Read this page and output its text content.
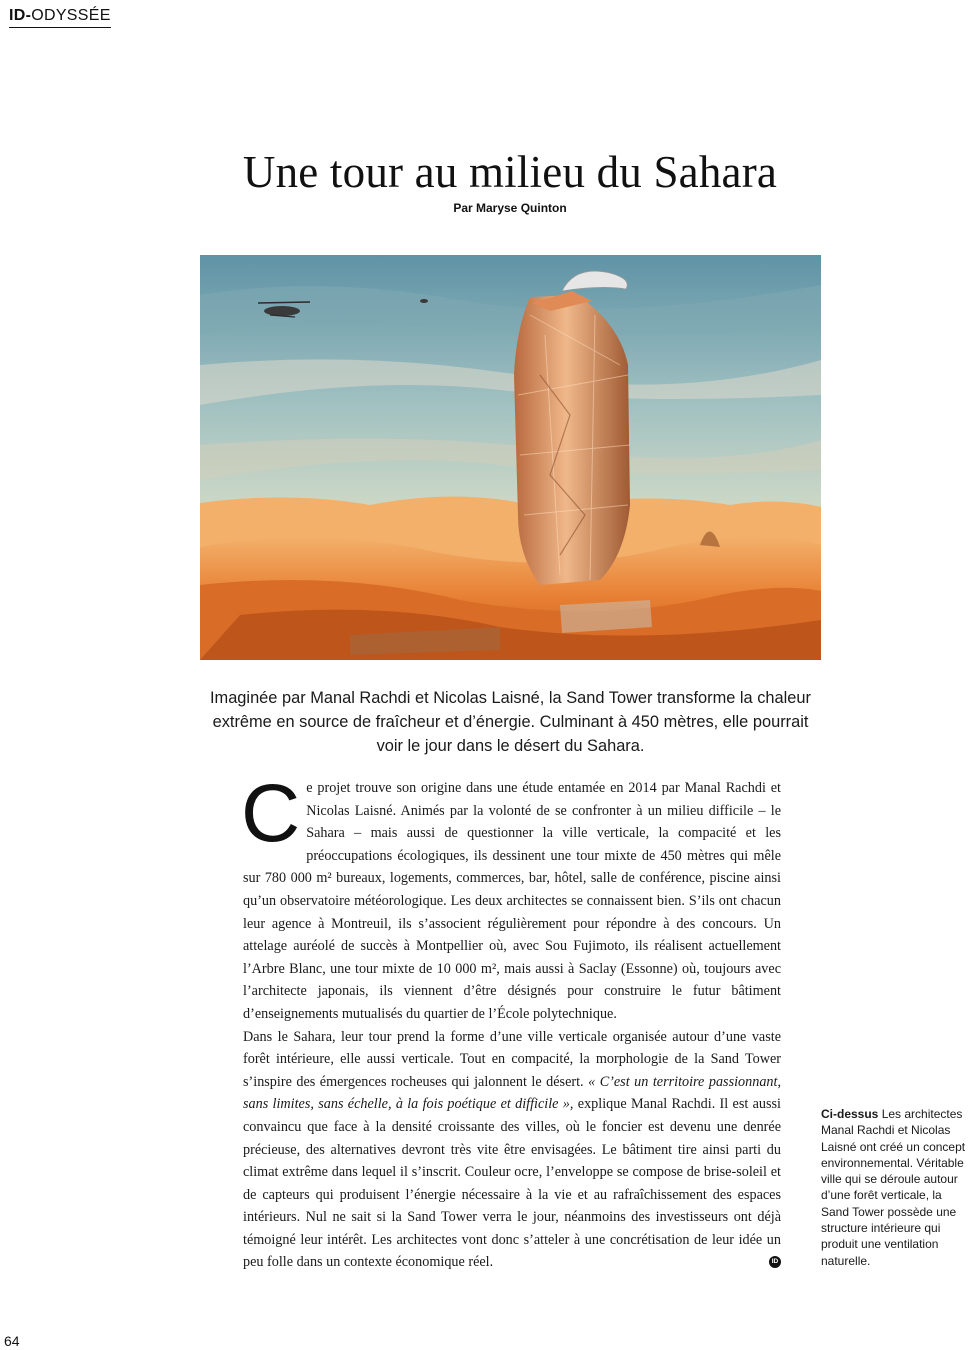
ID-ODYSSÉE
Une tour au milieu du Sahara
Par Maryse Quinton

Imaginée par Manal Rachdi et Nicolas Laisné, la Sand Tower transforme la chaleur extrême en source de fraîcheur et d’énergie. Culminant à 450 mètres, elle pourrait voir le jour dans le désert du Sahara.

Ce projet trouve son origine dans une étude entamée en 2014 par Manal Rachdi et Nicolas Laisné. Animés par la volonté de se confronter à un milieu difficile – le Sahara – mais aussi de questionner la ville verticale, la compacité et les préoccupations écologiques, ils dessinent une tour mixte de 450 mètres qui mêle sur 780 000 m² bureaux, logements, commerces, bar, hôtel, salle de conférence, piscine ainsi qu’un observatoire météorologique. Les deux architectes se connaissent bien. S’ils ont chacun leur agence à Montreuil, ils s’associent régulièrement pour répondre à des concours. Un attelage auréolé de succès à Montpellier où, avec Sou Fujimoto, ils réalisent actuellement l’Arbre Blanc, une tour mixte de 10 000 m², mais aussi à Saclay (Essonne) où, toujours avec l’architecte japonais, ils viennent d’être désignés pour construire le futur bâtiment d’enseignements mutualisés du quartier de l’École polytechnique.

Dans le Sahara, leur tour prend la forme d’une ville verticale organisée autour d’une vaste forêt intérieure, elle aussi verticale. Tout en compacité, la morphologie de la Sand Tower s’inspire des émergences rocheuses qui jalonnent le désert. « C’est un territoire passionnant, sans limites, sans échelle, à la fois poétique et difficile », explique Manal Rachdi. Il est aussi convaincu que face à la densité croissante des villes, où le foncier est devenu une denrée précieuse, des alternatives devront très vite être envisagées. Le bâtiment tire ainsi parti du climat extrême dans lequel il s’inscrit. Couleur ocre, l’enveloppe se compose de brise-soleil et de capteurs qui produisent l’énergie nécessaire à la vie et au rafraîchissement des espaces intérieurs. Nul ne sait si la Sand Tower verra le jour, néanmoins des investisseurs ont déjà témoigné leur intérêt. Les architectes vont donc s’atteler à une concrétisation de leur idée un peu folle dans un contexte économique réel.	ID

Ci-dessus Les architectes Manal Rachdi et Nicolas Laisné ont créé un concept environnemental. Véritable ville qui se déroule autour d’une forêt verticale, la Sand Tower possède une structure intérieure qui produit une ventilation naturelle.

64
